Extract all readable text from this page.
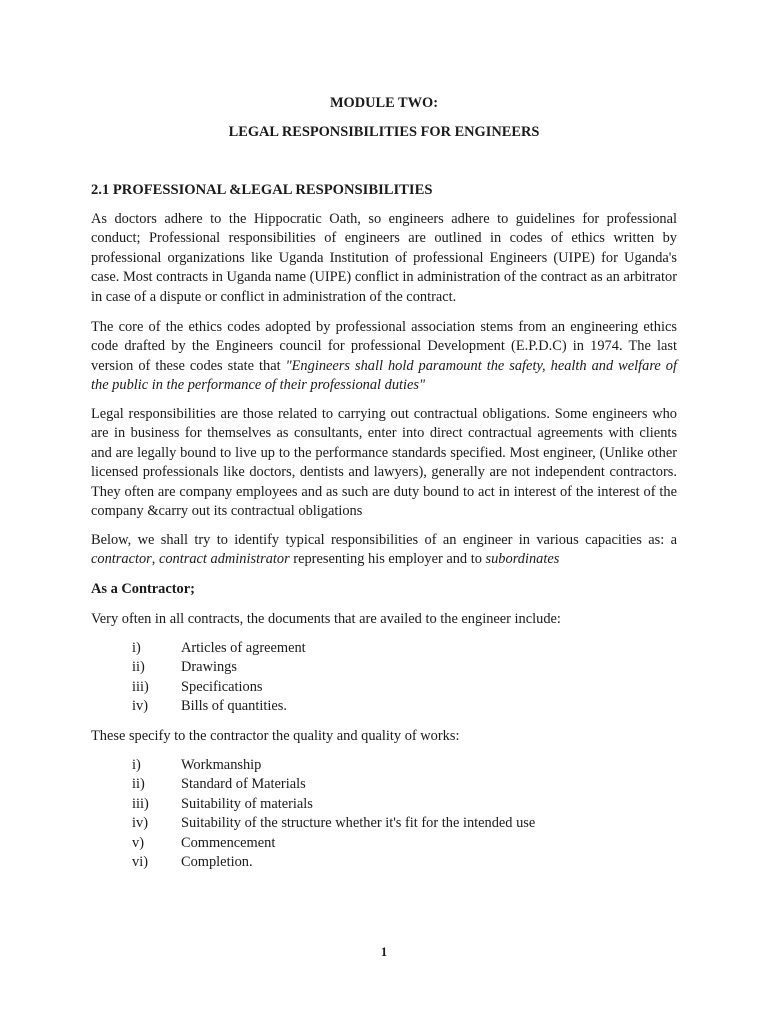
MODULE TWO:
LEGAL RESPONSIBILITIES FOR ENGINEERS
2.1 PROFESSIONAL &LEGAL RESPONSIBILITIES
As doctors adhere to the Hippocratic Oath, so engineers adhere to guidelines for professional conduct; Professional responsibilities of engineers are outlined in codes of ethics written by professional organizations like Uganda Institution of professional Engineers (UIPE) for Uganda's case. Most contracts in Uganda name (UIPE) conflict in administration of the contract as an arbitrator in case of a dispute or conflict in administration of the contract.
The core of the ethics codes adopted by professional association stems from an engineering ethics code drafted by the Engineers council for professional Development (E.P.D.C) in 1974. The last version of these codes state that "Engineers shall hold paramount the safety, health and welfare of the public in the performance of their professional duties"
Legal responsibilities are those related to carrying out contractual obligations. Some engineers who are in business for themselves as consultants, enter into direct contractual agreements with clients and are legally bound to live up to the performance standards specified. Most engineer, (Unlike other licensed professionals like doctors, dentists and lawyers), generally are not independent contractors. They often are company employees and as such are duty bound to act in interest of the interest of the company &carry out its contractual obligations
Below, we shall try to identify typical responsibilities of an engineer in various capacities as: a contractor, contract administrator representing his employer and to subordinates
As a Contractor;
Very often in all contracts, the documents that are availed to the engineer include:
i)	Articles of agreement
ii)	Drawings
iii) Specifications
iv) Bills of quantities.
These specify to the contractor the quality and quality of works:
i)	Workmanship
ii)	Standard of Materials
iii) Suitability of materials
iv) Suitability of the structure whether it's fit for the intended use
v)	Commencement
vi) Completion.
1
